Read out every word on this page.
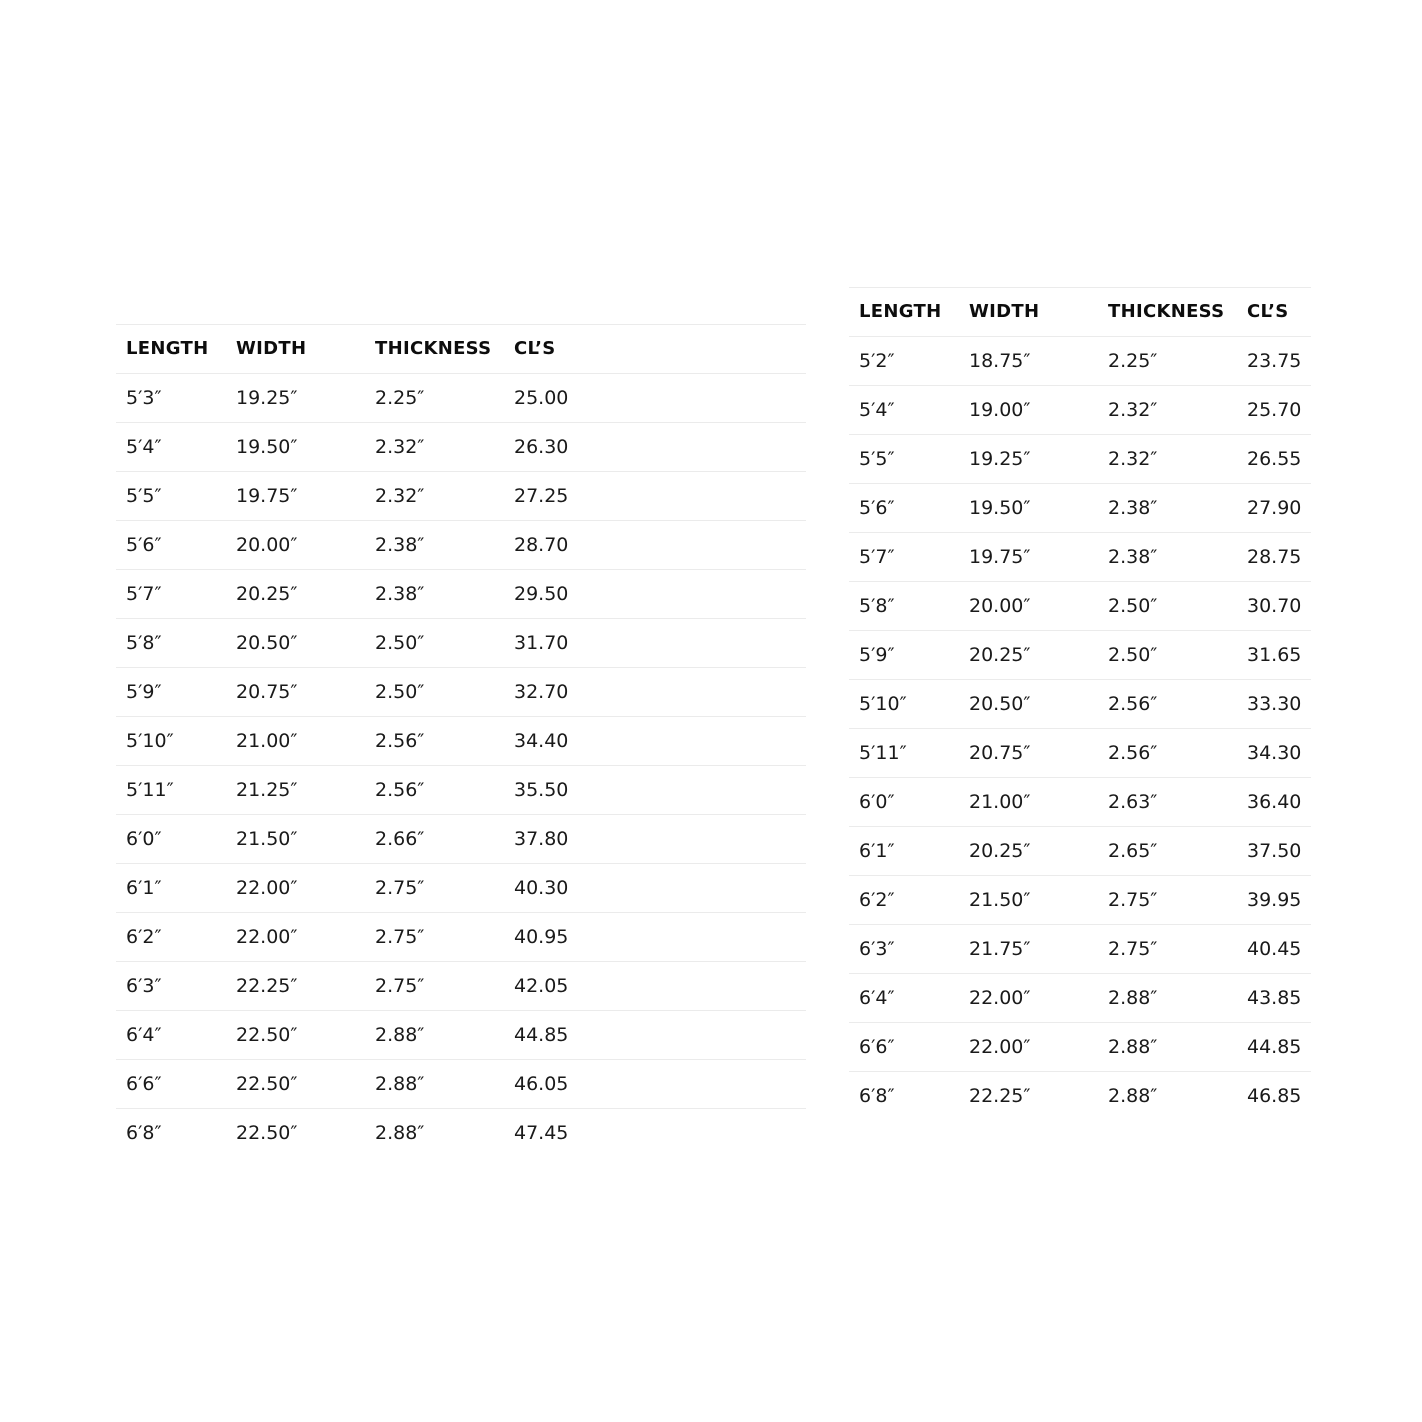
LENGTH	WIDTH	THICKNESS	CL’S
5′3″	19.25″	2.25″	25.00
5′4″	19.50″	2.32″	26.30
5′5″	19.75″	2.32″	27.25
5′6″	20.00″	2.38″	28.70
5′7″	20.25″	2.38″	29.50
5′8″	20.50″	2.50″	31.70
5′9″	20.75″	2.50″	32.70
5′10″	21.00″	2.56″	34.40
5′11″	21.25″	2.56″	35.50
6′0″	21.50″	2.66″	37.80
6′1″	22.00″	2.75″	40.30
6′2″	22.00″	2.75″	40.95
6′3″	22.25″	2.75″	42.05
6′4″	22.50″	2.88″	44.85
6′6″	22.50″	2.88″	46.05
6′8″	22.50″	2.88″	47.45
LENGTH	WIDTH	THICKNESS	CL’S
5′2″	18.75″	2.25″	23.75
5′4″	19.00″	2.32″	25.70
5′5″	19.25″	2.32″	26.55
5′6″	19.50″	2.38″	27.90
5′7″	19.75″	2.38″	28.75
5′8″	20.00″	2.50″	30.70
5′9″	20.25″	2.50″	31.65
5′10″	20.50″	2.56″	33.30
5′11″	20.75″	2.56″	34.30
6′0″	21.00″	2.63″	36.40
6′1″	20.25″	2.65″	37.50
6′2″	21.50″	2.75″	39.95
6′3″	21.75″	2.75″	40.45
6′4″	22.00″	2.88″	43.85
6′6″	22.00″	2.88″	44.85
6′8″	22.25″	2.88″	46.85
